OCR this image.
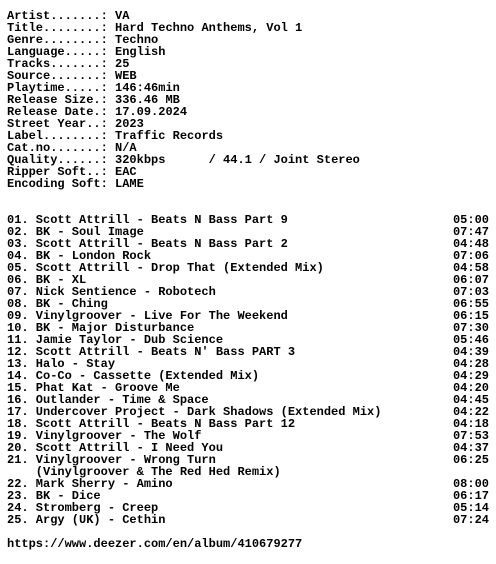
Artist.......: VA
Title........: Hard Techno Anthems, Vol 1
Genre........: Techno
Language.....: English
Tracks.......: 25
Source.......: WEB
Playtime.....: 146:46min
Release Size.: 336.46 MB
Release Date.: 17.09.2024
Street Year..: 2023
Label........: Traffic Records
Cat.no.......: N/A
Quality......: 320kbps      / 44.1 / Joint Stereo
Ripper Soft..: EAC
Encoding Soft: LAME
01. Scott Attrill - Beats N Bass Part 9	05:00
02. BK - Soul Image	07:47
03. Scott Attrill - Beats N Bass Part 2	04:48
04. BK - London Rock	07:06
05. Scott Attrill - Drop That (Extended Mix)	04:58
06. BK - XL	06:07
07. Nick Sentience - Robotech	07:03
08. BK - Ching	06:55
09. Vinylgroover - Live For The Weekend	06:15
10. BK - Major Disturbance	07:30
11. Jamie Taylor - Dub Science	05:46
12. Scott Attrill - Beats N' Bass PART 3	04:39
13. Halo - Stay	04:28
14. Co-Co - Cassette (Extended Mix)	04:29
15. Phat Kat - Groove Me	04:20
16. Outlander - Time & Space	04:45
17. Undercover Project - Dark Shadows (Extended Mix)	04:22
18. Scott Attrill - Beats N Bass Part 12	04:18
19. Vinylgroover - The Wolf	07:53
20. Scott Attrill - I Need You	04:37
21. Vinylgroover - Wrong Turn	06:25
(Vinylgroover & The Red Hed Remix)
22. Mark Sherry - Amino	08:00
23. BK - Dice	06:17
24. Stromberg - Creep	05:14
25. Argy (UK) - Cethin	07:24
https://www.deezer.com/en/album/410679277
